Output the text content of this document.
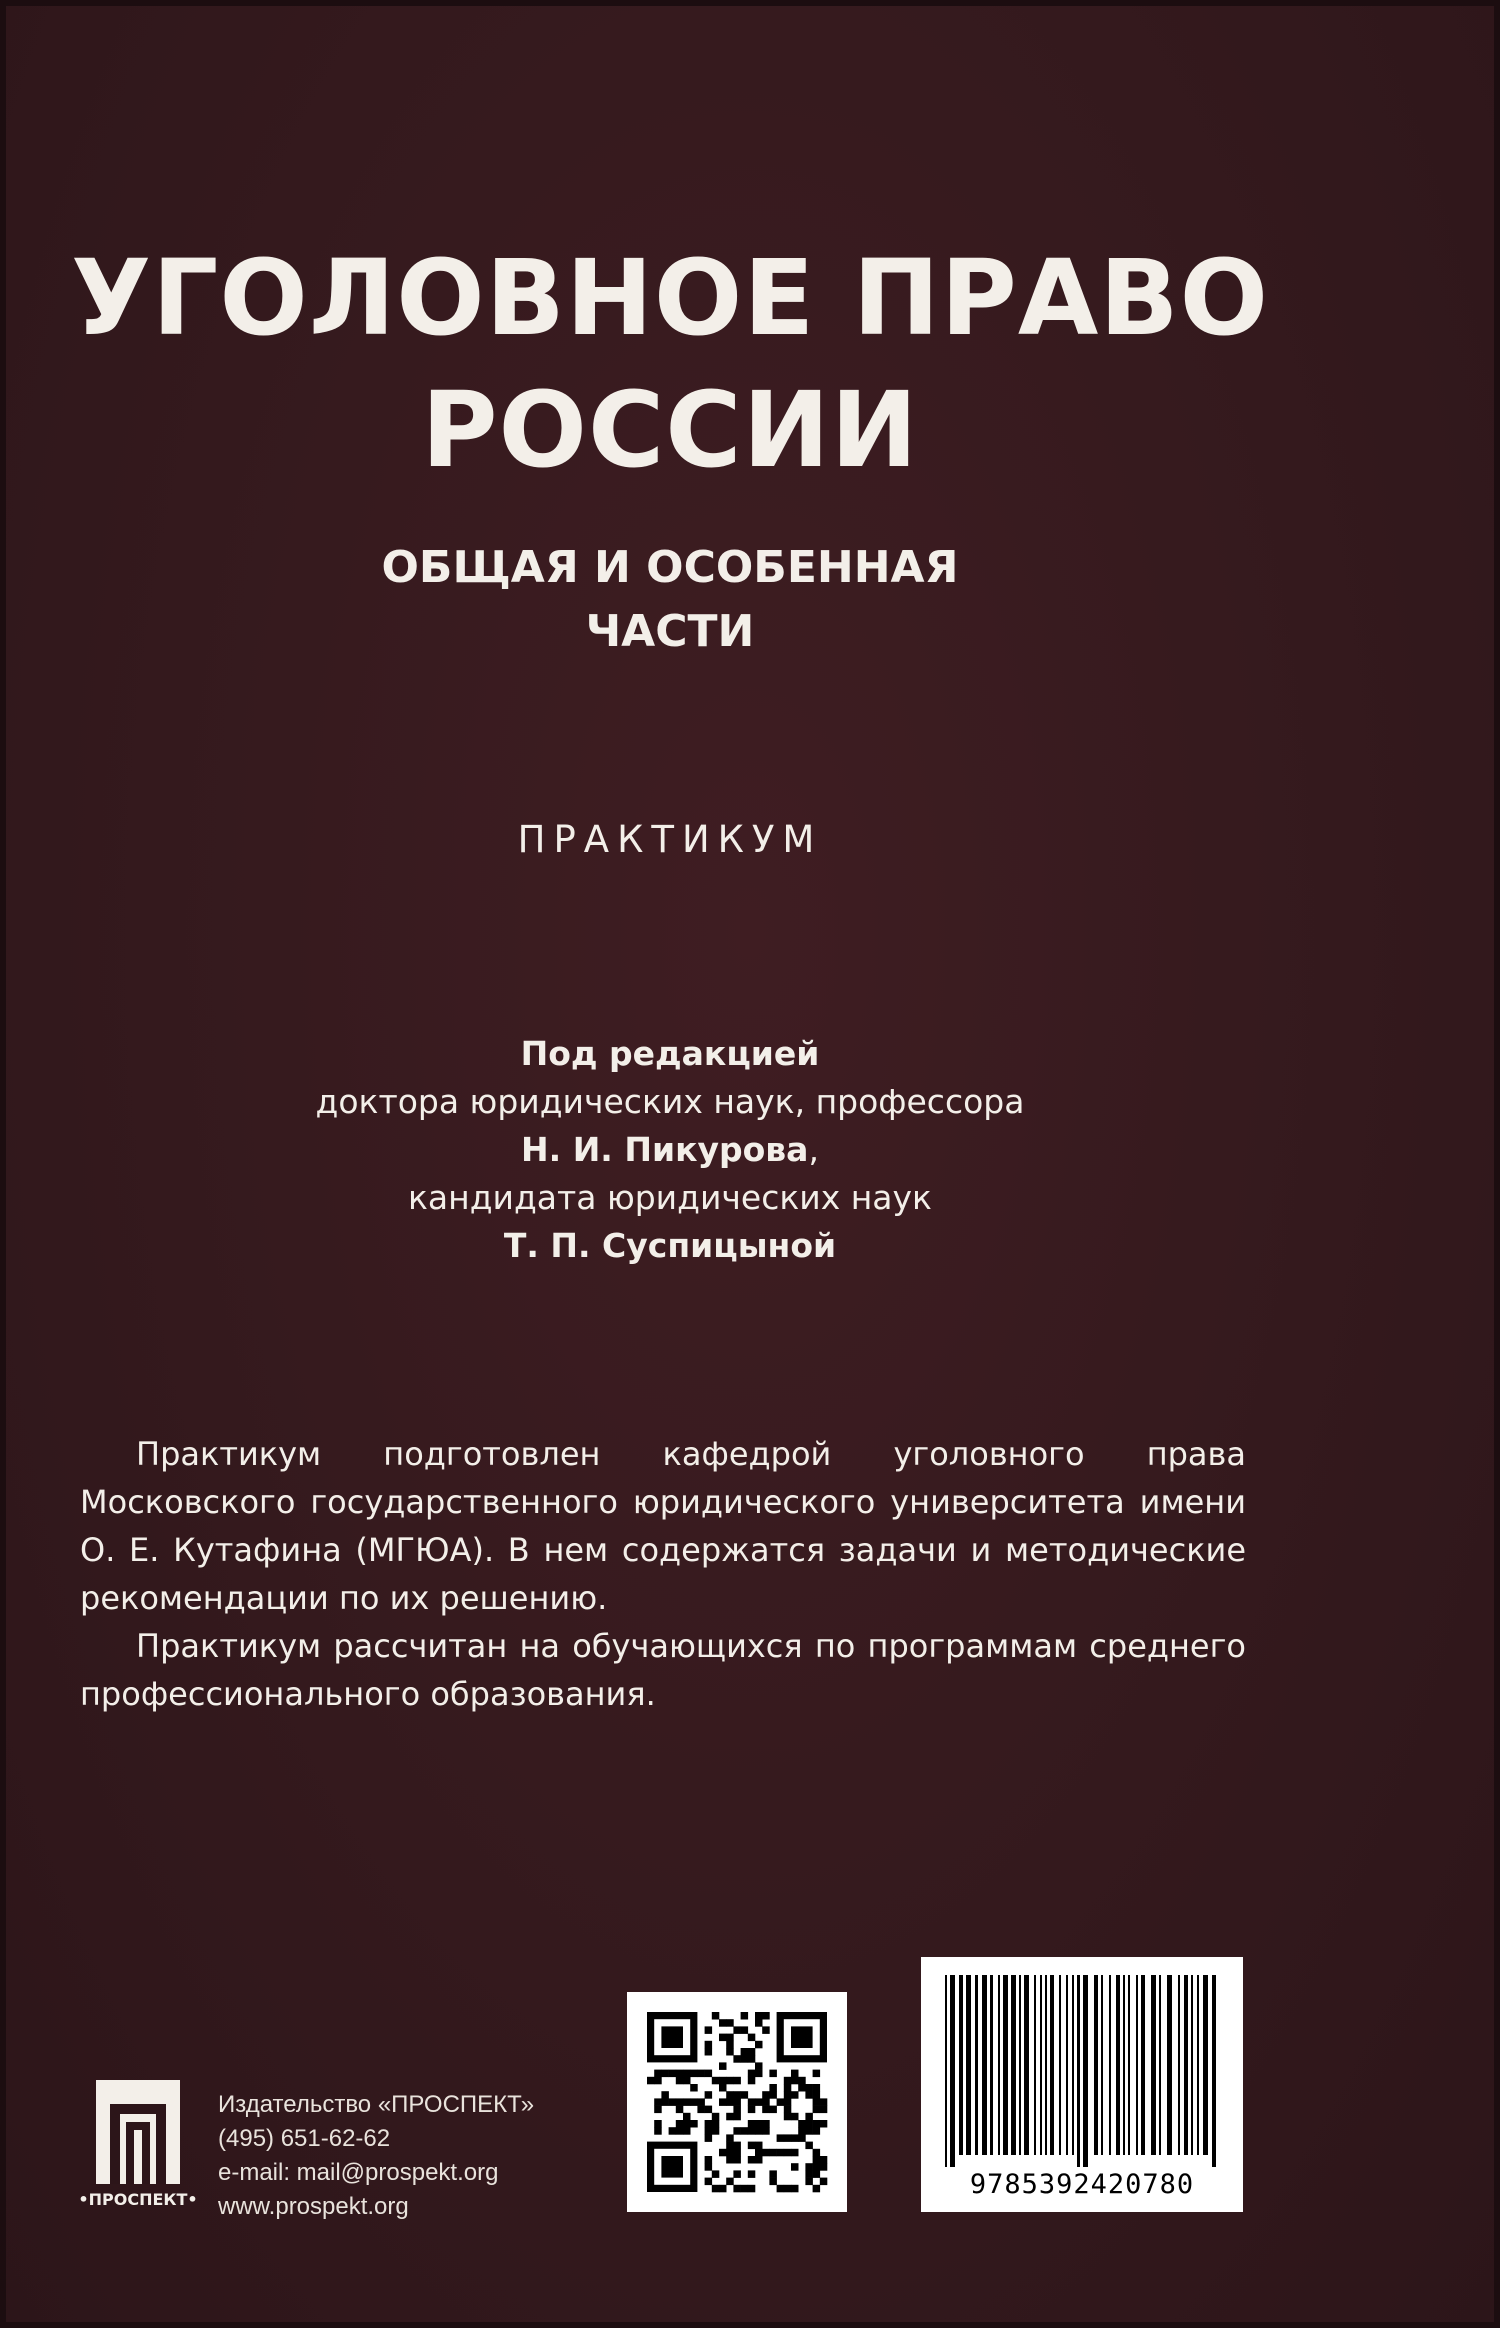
УГОЛОВНОЕ ПРАВО
РОССИИ
ОБЩАЯ И ОСОБЕННАЯ
ЧАСТИ
ПРАКТИКУМ
Под редакцией
доктора юридических наук, профессора
Н. И. Пикурова,
кандидата юридических наук
Т. П. Суспицыной

Практикум подготовлен кафедрой уголовного права Московского государственного юридического университета имени О. Е. Кутафина (МГЮА). В нем содержатся задачи и методические рекомендации по их решению.

Практикум рассчитан на обучающихся по программам среднего профессионального образования.

•ПРОСПЕКТ•
Издательство «ПРОСПЕКТ»
(495) 651-62-62
e-mail: mail@prospekt.org
www.prospekt.org
9785392420780
